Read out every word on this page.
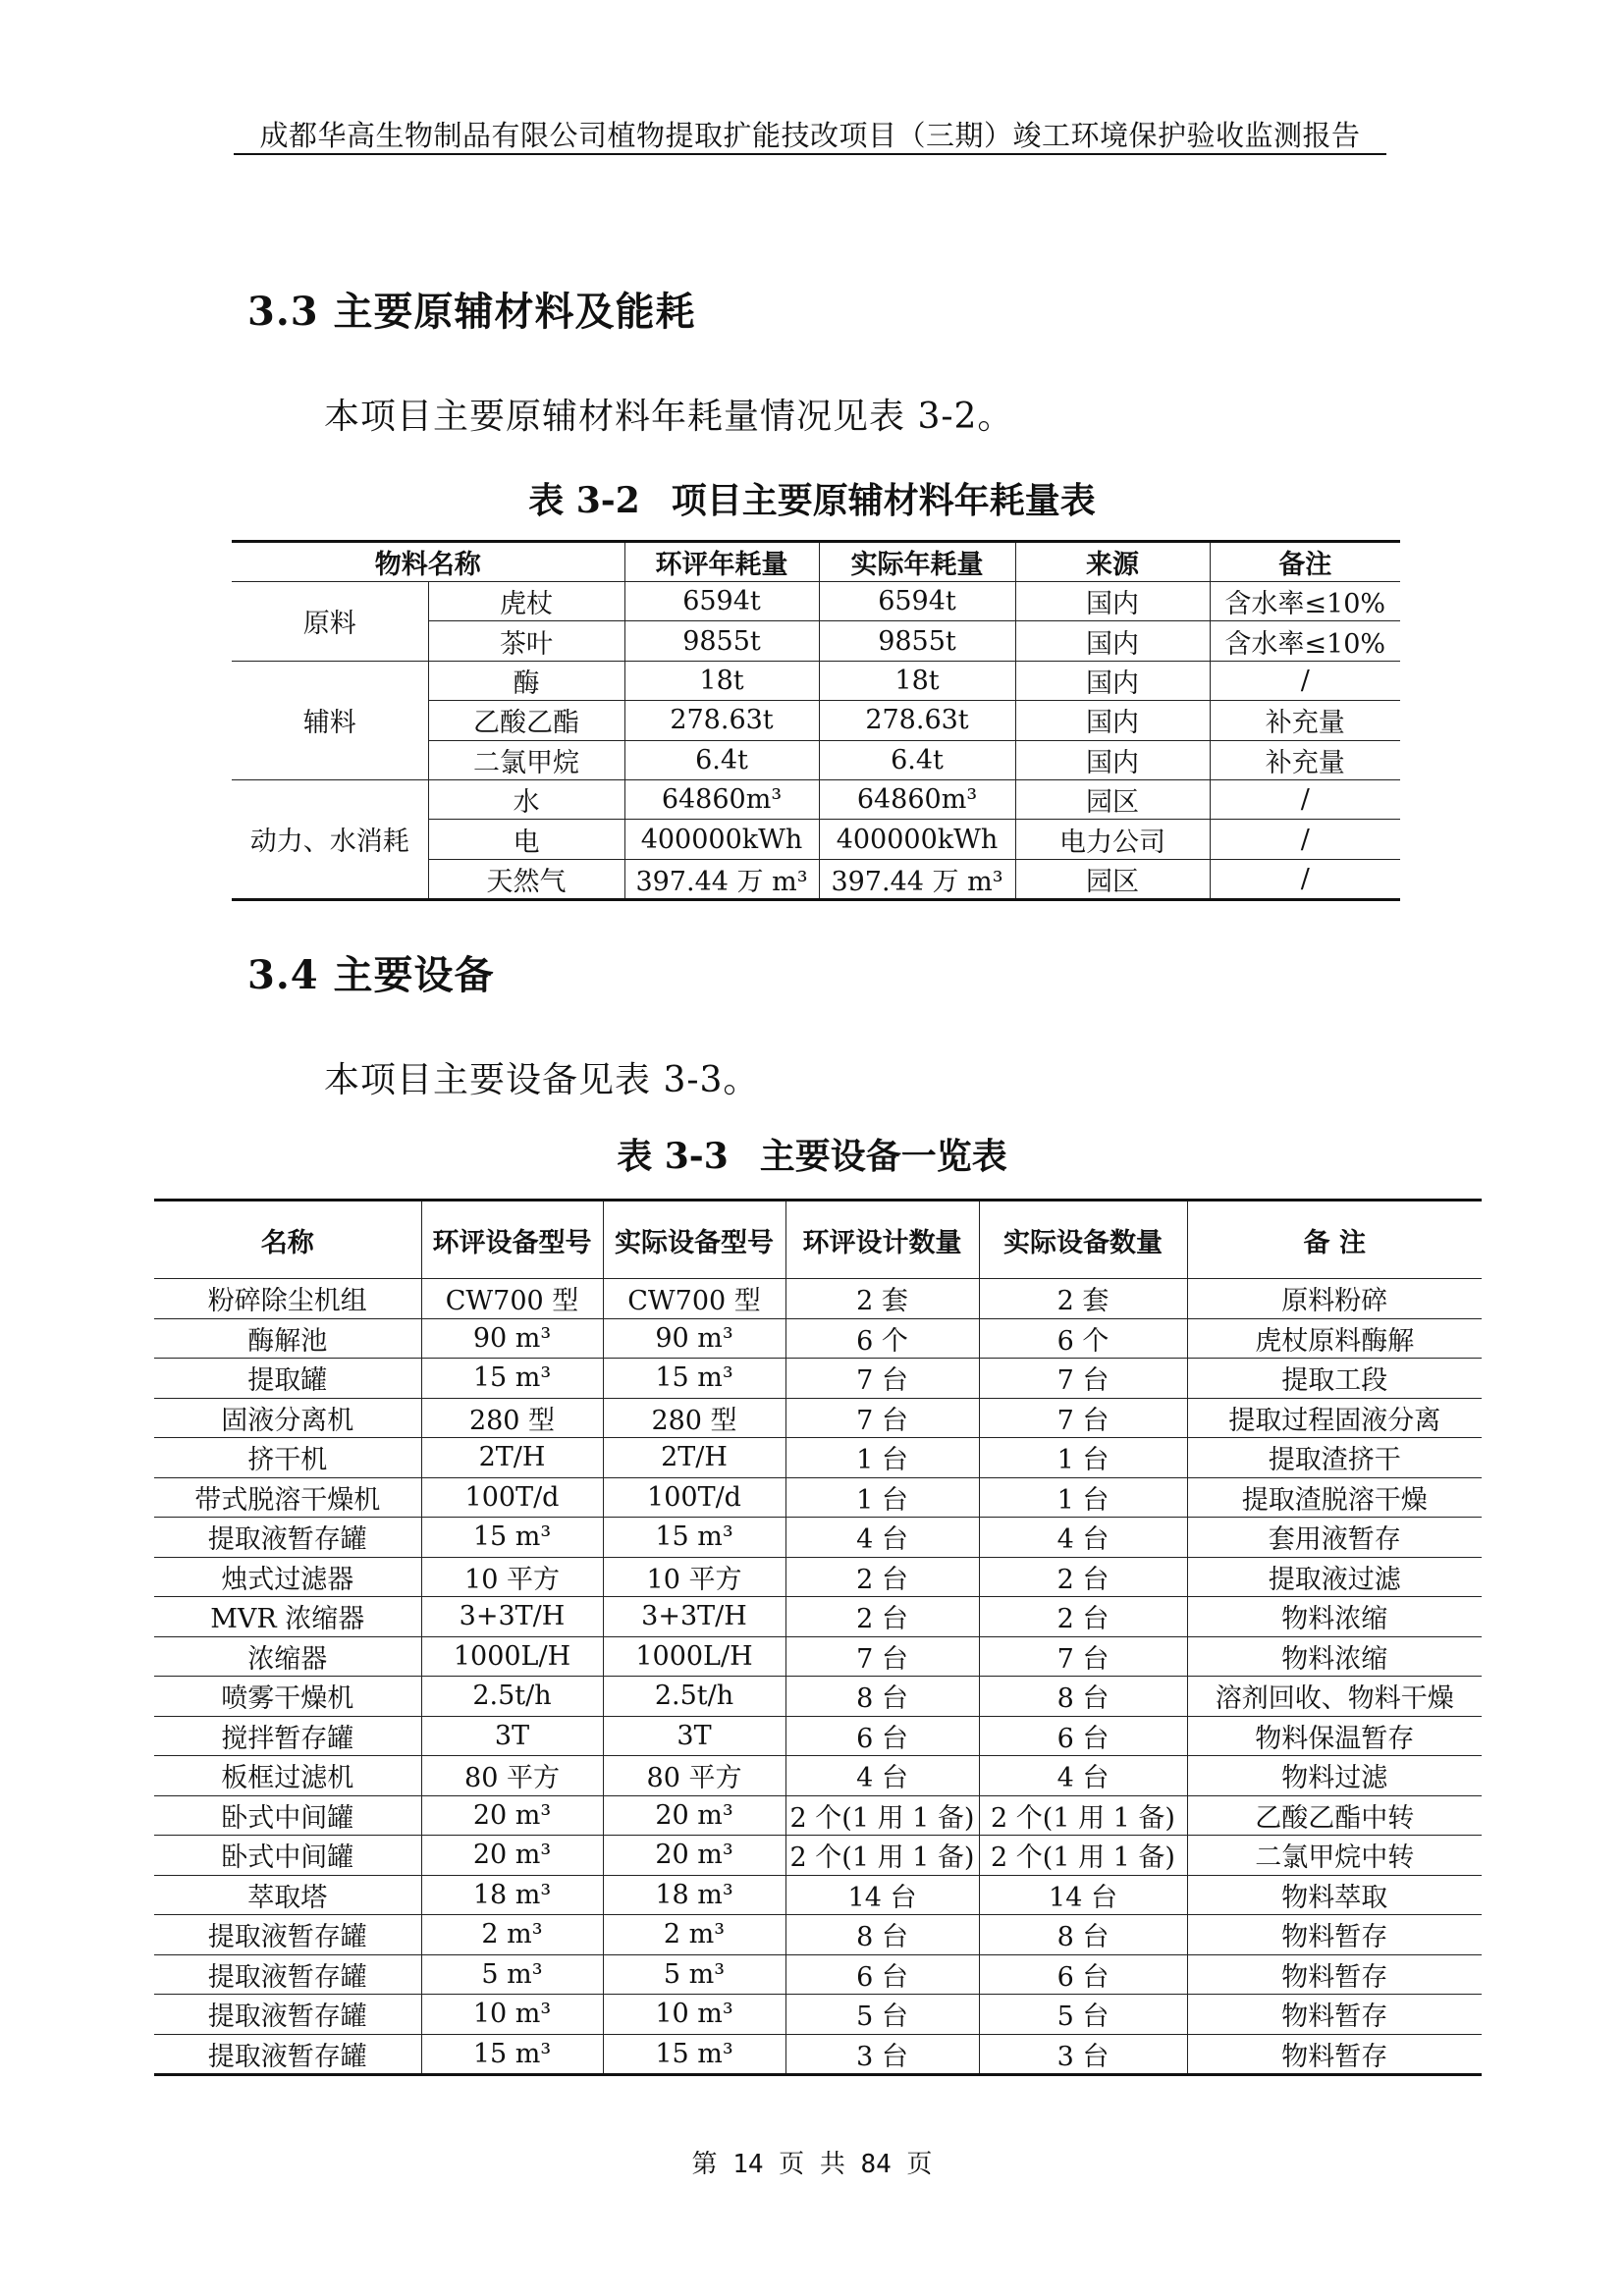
成都华高生物制品有限公司植物提取扩能技改项目（三期）竣工环境保护验收监测报告
3.3 主要原辅材料及能耗
本项目主要原辅材料年耗量情况见表 3-2。
表 3-2 项目主要原辅材料年耗量表
物料名称		环评年耗量	实际年耗量	来源	备注
原料	虎杖	6594t	6594t	国内	含水率≤10%
	茶叶	9855t	9855t	国内	含水率≤10%
辅料	酶	18t	18t	国内	/
	乙酸乙酯	278.63t	278.63t	国内	补充量
	二氯甲烷	6.4t	6.4t	国内	补充量
动力、水消耗	水	64860m³	64860m³	园区	/
	电	400000kWh	400000kWh	电力公司	/
	天然气	397.44 万 m³	397.44 万 m³	园区	/
3.4 主要设备
本项目主要设备见表 3-3。
表 3-3 主要设备一览表
名称	环评设备型号	实际设备型号	环评设计数量	实际设备数量	备 注
粉碎除尘机组	CW700 型	CW700 型	2 套	2 套	原料粉碎
酶解池	90 m³	90 m³	6 个	6 个	虎杖原料酶解
提取罐	15 m³	15 m³	7 台	7 台	提取工段
固液分离机	280 型	280 型	7 台	7 台	提取过程固液分离
挤干机	2T/H	2T/H	1 台	1 台	提取渣挤干
带式脱溶干燥机	100T/d	100T/d	1 台	1 台	提取渣脱溶干燥
提取液暂存罐	15 m³	15 m³	4 台	4 台	套用液暂存
烛式过滤器	10 平方	10 平方	2 台	2 台	提取液过滤
MVR 浓缩器	3+3T/H	3+3T/H	2 台	2 台	物料浓缩
浓缩器	1000L/H	1000L/H	7 台	7 台	物料浓缩
喷雾干燥机	2.5t/h	2.5t/h	8 台	8 台	溶剂回收、物料干燥
搅拌暂存罐	3T	3T	6 台	6 台	物料保温暂存
板框过滤机	80 平方	80 平方	4 台	4 台	物料过滤
卧式中间罐	20 m³	20 m³	2 个(1 用 1 备)	2 个(1 用 1 备)	乙酸乙酯中转
卧式中间罐	20 m³	20 m³	2 个(1 用 1 备)	2 个(1 用 1 备)	二氯甲烷中转
萃取塔	18 m³	18 m³	14 台	14 台	物料萃取
提取液暂存罐	2 m³	2 m³	8 台	8 台	物料暂存
提取液暂存罐	5 m³	5 m³	6 台	6 台	物料暂存
提取液暂存罐	10 m³	10 m³	5 台	5 台	物料暂存
提取液暂存罐	15 m³	15 m³	3 台	3 台	物料暂存
第 14 页 共 84 页
